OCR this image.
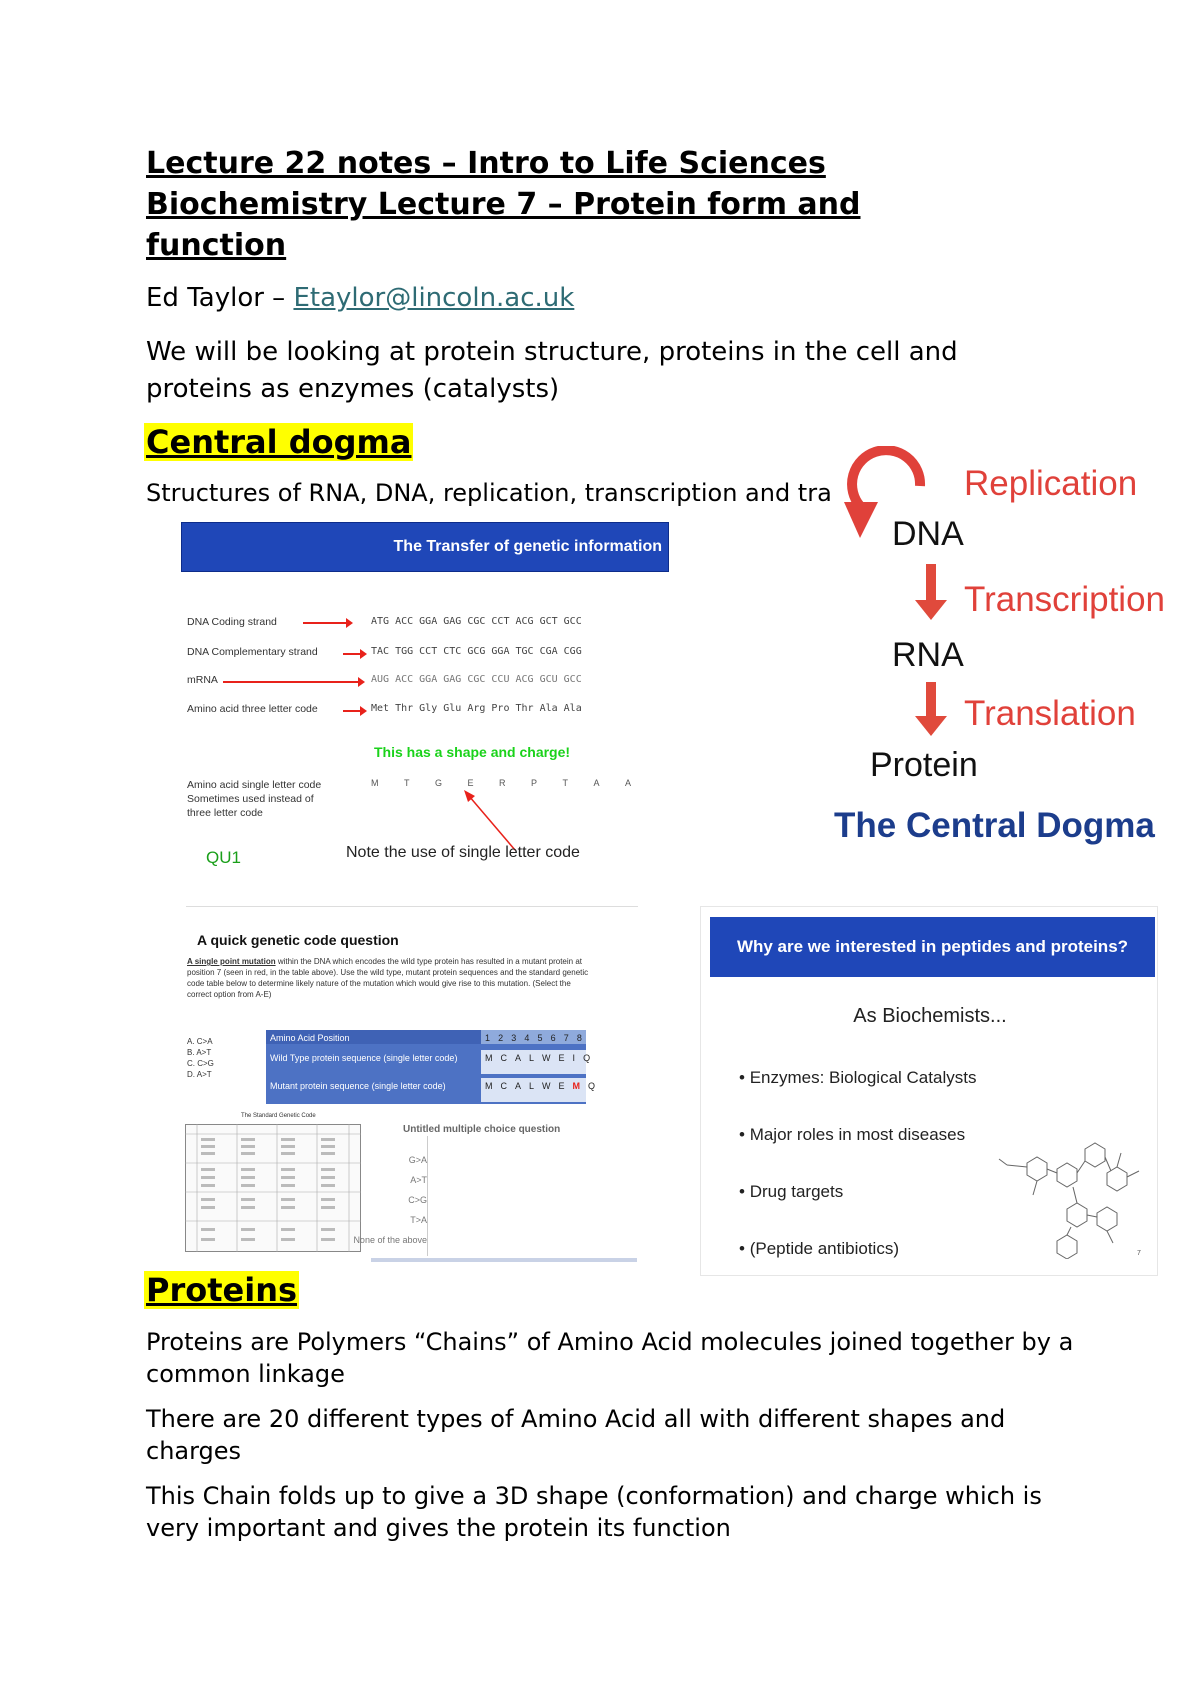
Lecture 22 notes – Intro to Life Sciences
Biochemistry Lecture 7 – Protein form and
function
Ed Taylor – Etaylor@lincoln.ac.uk
We will be looking at protein structure, proteins in the cell and proteins as enzymes (catalysts)
Central dogma
Structures of RNA, DNA, replication, transcription and tra
The Transfer of genetic information
DNA Coding strand	ATG ACC GGA GAG CGC CCT ACG GCT GCC
DNA Complementary strand	TAC TGG CCT CTC GCG GGA TGC CGA CGG
mRNA	AUG ACC GGA GAG CGC CCU ACG GCU GCC
Amino acid three letter code	Met Thr Gly Glu Arg Pro Thr Ala Ala
This has a shape and charge!
Amino acid single letter code
Sometimes used instead of
three letter code
M	T	G	E	R	P	T	A	A
QU1	Note the use of single letter code
Replication
DNA
Transcription
RNA
Translation
Protein
The Central Dogma
A quick genetic code question
A single point mutation within the DNA which encodes the wild type protein has resulted in a mutant protein at position 7 (seen in red, in the table above). Use the wild type, mutant protein sequences and the standard genetic code table below to determine likely nature of the mutation which would give rise to this mutation. (Select the correct option from A-E)
A. C>A
B. A>T
C. C>G
D. A>T
Amino Acid Position	1 2 3 4 5 6 7 8
Wild Type protein sequence (single letter code)	M C A L W E I Q
Mutant protein sequence (single letter code)	M C A L W E M Q
The Standard Genetic Code
Untitled multiple choice question
G>A
A>T
C>G
T>A
None of the above
Why are we interested in peptides and proteins?
As Biochemists...
• Enzymes: Biological Catalysts
• Major roles in most diseases
• Drug targets
• (Peptide antibiotics)	7
Proteins
Proteins are Polymers “Chains” of Amino Acid molecules joined together by a common linkage
There are 20 different types of Amino Acid all with different shapes and charges
This Chain folds up to give a 3D shape (conformation) and charge which is very important and gives the protein its function
